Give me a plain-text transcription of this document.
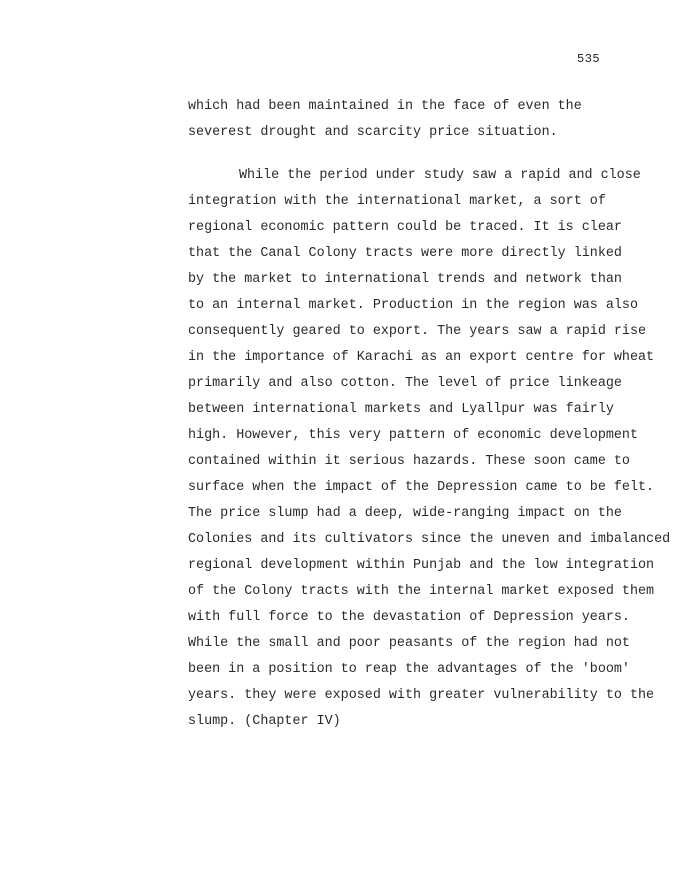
535
which had been maintained in the face of even the
severest drought and scarcity price situation.
While the period under study saw a rapid and close
integration with the international market, a sort of
regional economic pattern could be traced. It is clear
that the Canal Colony tracts were more directly linked
by the market to international trends and network than
to an internal market. Production in the region was also
consequently geared to export. The years saw a rapid rise
in the importance of Karachi as an export centre for wheat
primarily and also cotton. The level of price linkeage
between international markets and Lyallpur was fairly
high. However, this very pattern of economic development
contained within it serious hazards. These soon came to
surface when the impact of the Depression came to be felt.
The price slump had a deep, wide-ranging impact on the
Colonies and its cultivators since the uneven and imbalanced
regional development within Punjab and the low integration
of the Colony tracts with the internal market exposed them
with full force to the devastation of Depression years.
While the small and poor peasants of the region had not
been in a position to reap the advantages of the 'boom'
years. they were exposed with greater vulnerability to the
slump. (Chapter IV)
